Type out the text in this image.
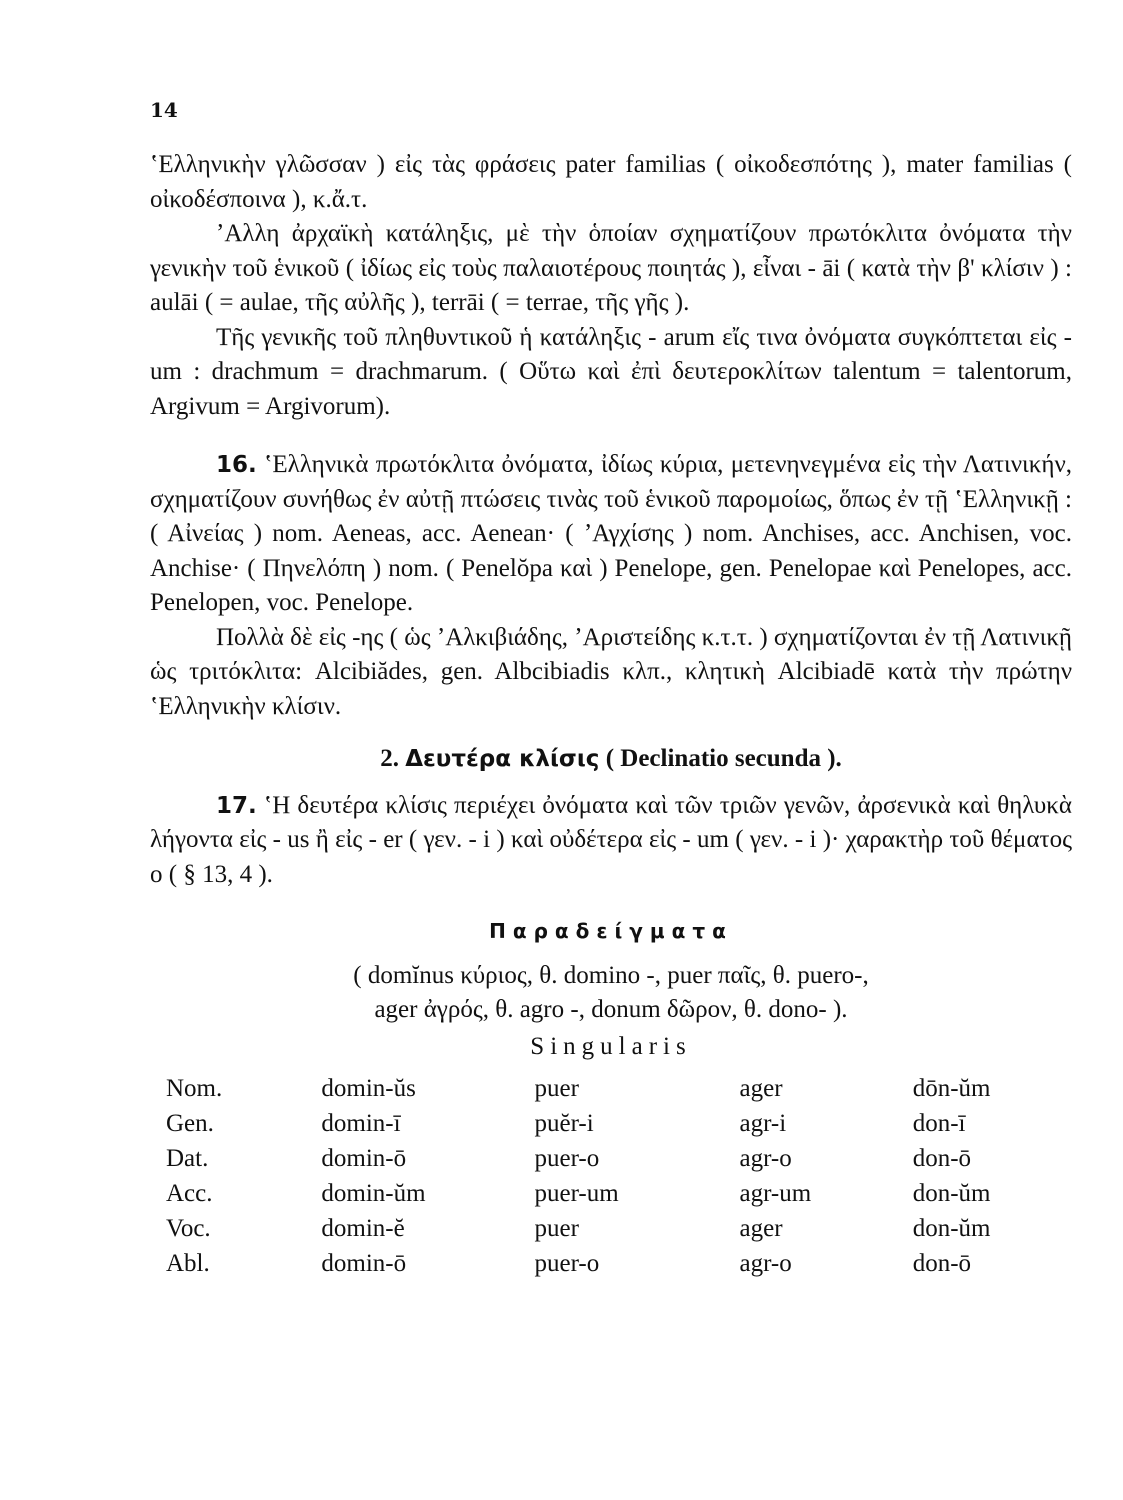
14

ʽΕλληνικὴν γλῶσσαν ) εἰς τὰς φράσεις pater familias ( οἰκοδεσπότης ), mater familias ( οἰκοδέσποινα ), κ.ἄ.τ.

ʼΑλλη ἀρχαϊκὴ κατάληξις, μὲ τὴν ὁποίαν σχηματίζουν πρωτόκλιτα ὀνόματα τὴν γενικὴν τοῦ ἑνικοῦ ( ἰδίως εἰς τοὺς παλαιοτέρους ποιητάς ), εἶναι - āi ( κατὰ τὴν β' κλίσιν ) : aulāi ( = aulae, τῆς αὐλῆς ), terrāi ( = terrae, τῆς γῆς ).

Τῆς γενικῆς τοῦ πληθυντικοῦ ἡ κατάληξις - arum εἴς τινα ὀνόματα συγκόπτεται εἰς - um : drachmum = drachmarum. ( Οὕτω καὶ ἐπὶ δευτεροκλίτων talentum = talentorum, Argivum = Argivorum).

16. ʽΕλληνικὰ πρωτόκλιτα ὀνόματα, ἰδίως κύρια, μετενηνεγμένα εἰς τὴν Λατινικήν, σχηματίζουν συνήθως ἐν αὐτῇ πτώσεις τινὰς τοῦ ἑνικοῦ παρομοίως, ὅπως ἐν τῇ ʽΕλληνικῇ : ( Αἰνείας ) nom. Aeneas, acc. Aenean· ( ʼΑγχίσης ) nom. Anchises, acc. Anchisen, voc. Anchise· ( Πηνελόπη ) nom. ( Penelŏpa καὶ ) Penelope, gen. Penelopae καὶ Penelopes, acc. Penelopen, voc. Penelope.

Πολλὰ δὲ εἰς -ης ( ὡς ʼΑλκιβιάδης, ʼΑριστείδης κ.τ.τ. ) σχηματίζονται ἐν τῇ Λατινικῇ ὡς τριτόκλιτα: Alcibiădes, gen. Albcibiadis κλπ., κλητικὴ Alcibiadē κατὰ τὴν πρώτην ʽΕλληνικὴν κλίσιν.

2. Δευτέρα κλίσις ( Declinatio secunda ).

17. ʽΗ δευτέρα κλίσις περιέχει ὀνόματα καὶ τῶν τριῶν γενῶν, ἀρσενικὰ καὶ θηλυκὰ λήγοντα εἰς - us ἢ εἰς - er ( γεν. - i ) καὶ οὐδέτερα εἰς - um ( γεν. - i )· χαρακτὴρ τοῦ θέματος o ( § 13, 4 ).

Παραδείγματα

( domĭnus κύριος, θ. domino -, puer παῖς, θ. puero-,

ager ἀγρός, θ. agro -, donum δῶρον, θ. dono- ).

Singularis

Nom.	domin-ŭs	puer	ager	dōn-ŭm
Gen.	domin-ī	puĕr-i	agr-i	don-ī
Dat.	domin-ō	puer-o	agr-o	don-ō
Acc.	domin-ŭm	puer-um	agr-um	don-ŭm
Voc.	domin-ĕ	puer	ager	don-ŭm
Abl.	domin-ō	puer-o	agr-o	don-ō
